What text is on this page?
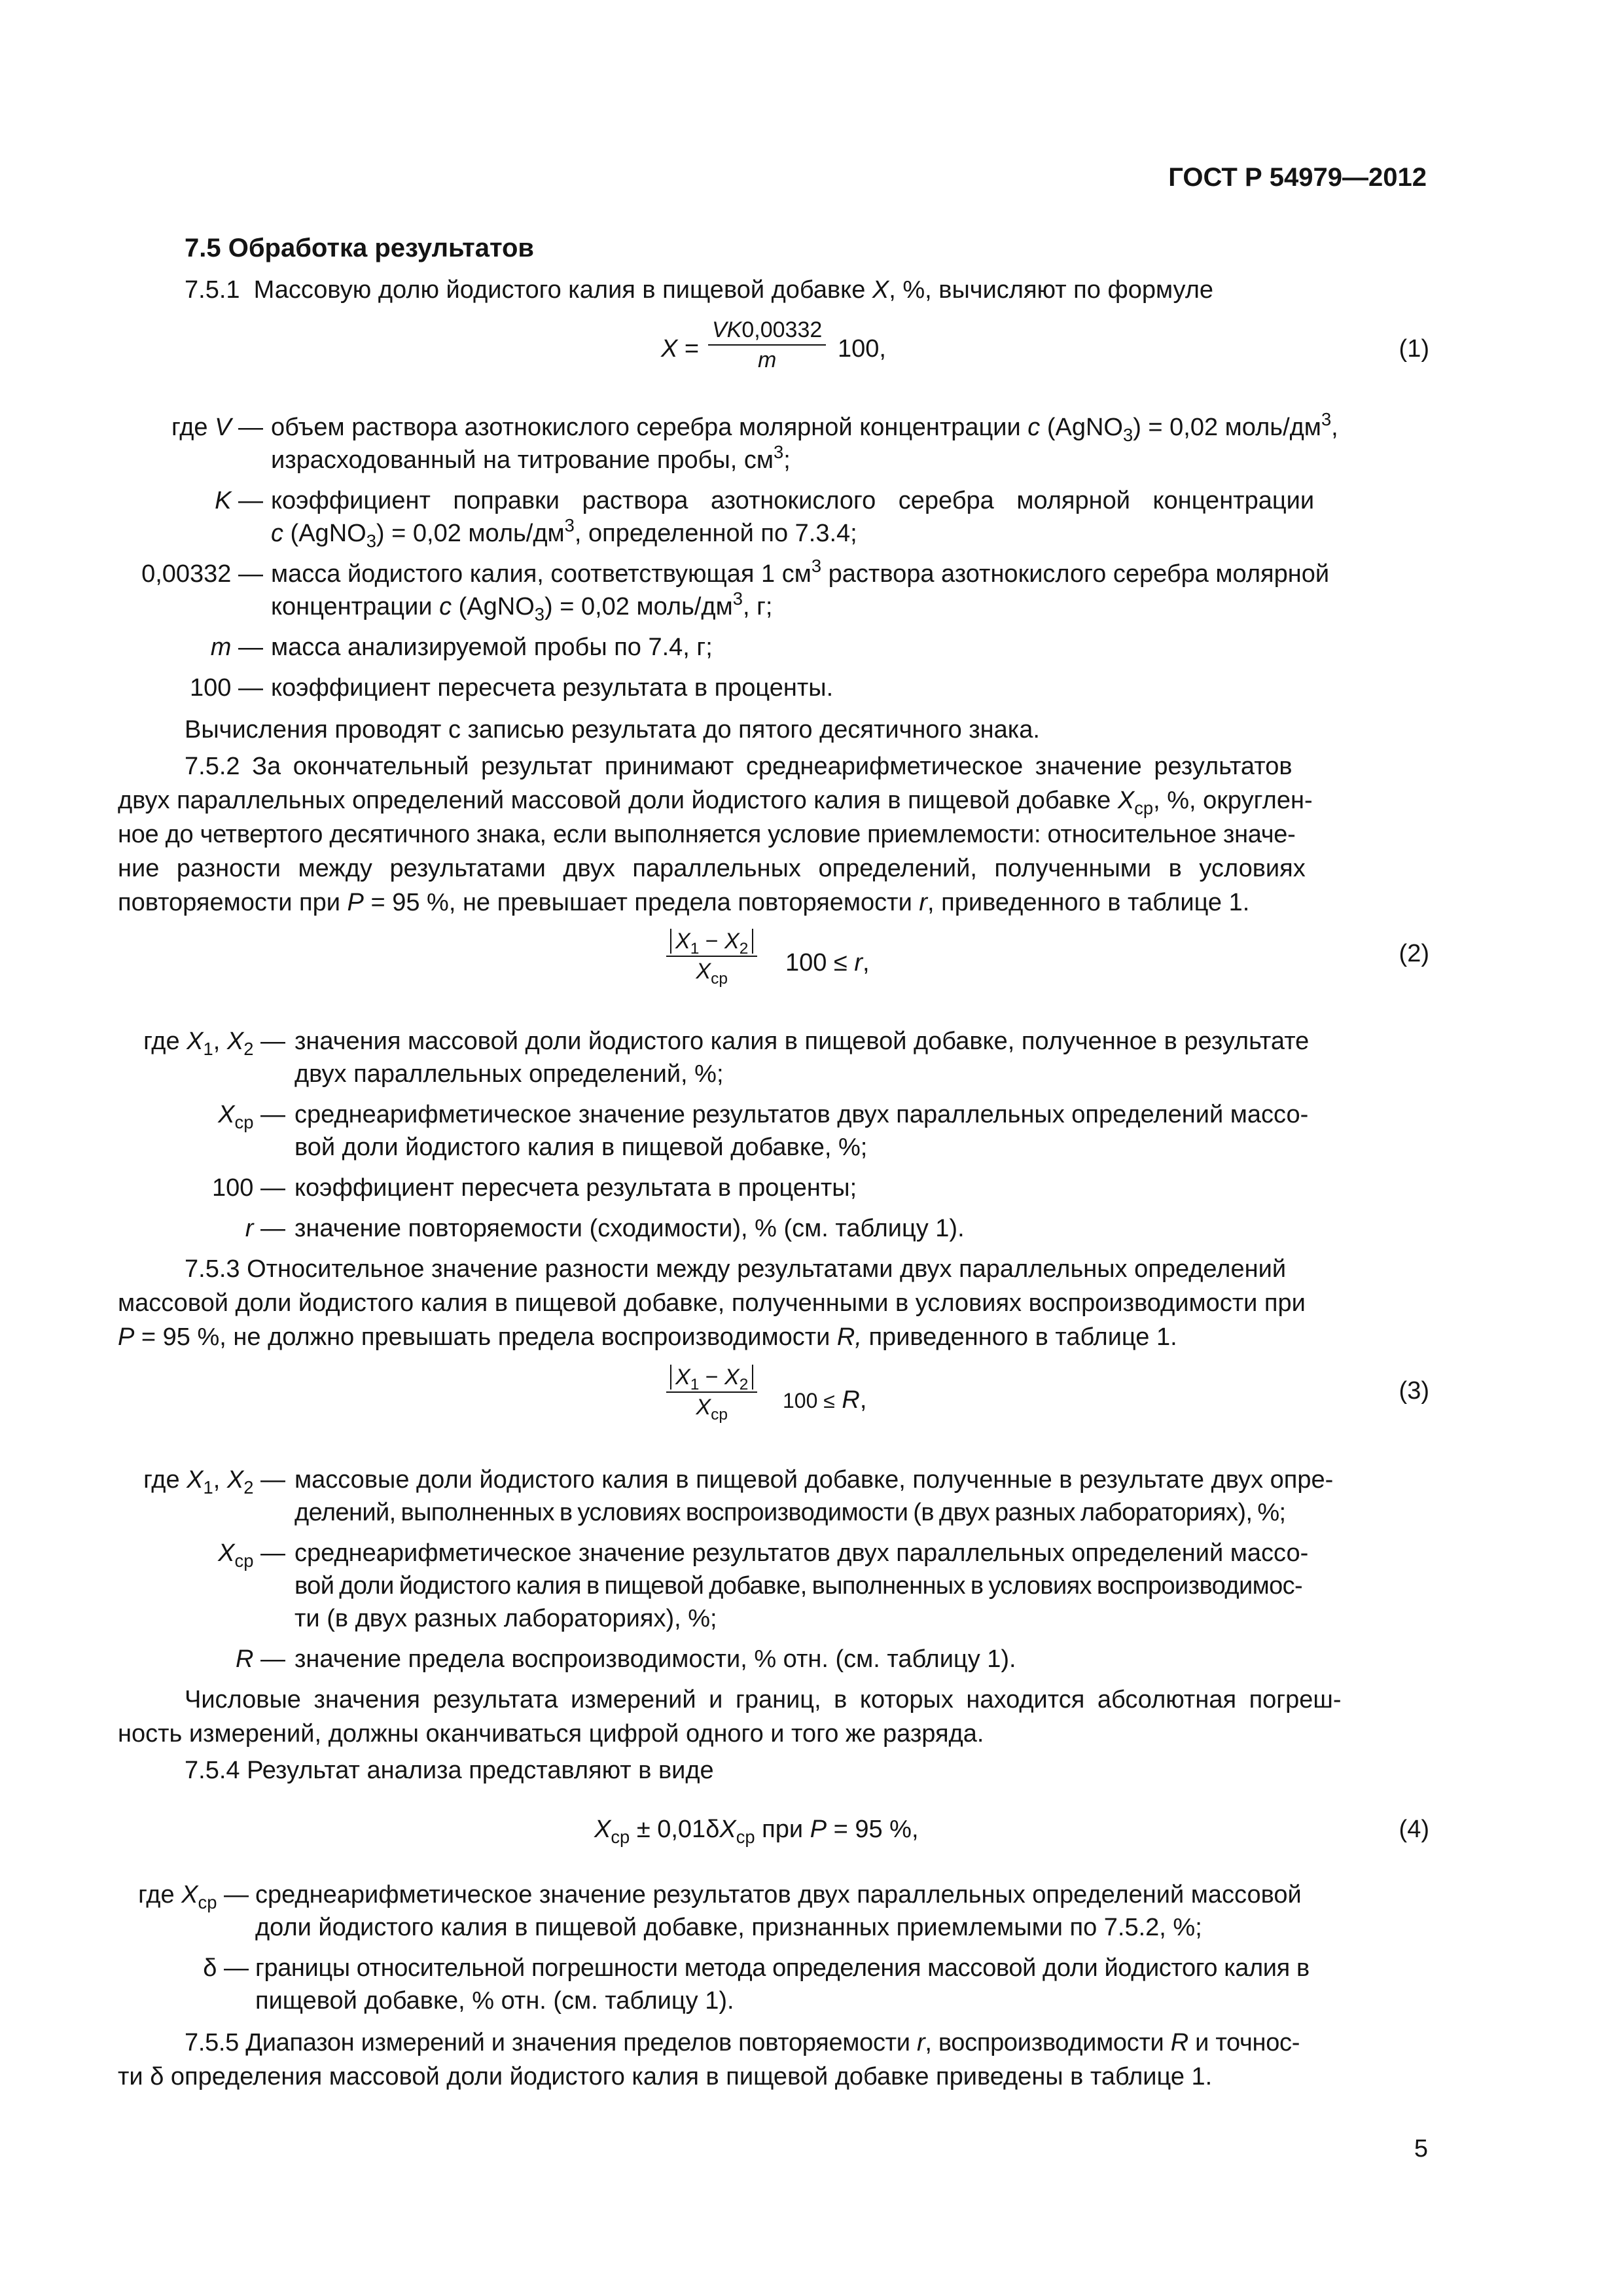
ГОСТ Р 54979—2012
7.5 Обработка результатов
7.5.1 Массовую долю йодистого калия в пищевой добавке X, %, вычисляют по формуле
X =
VK0,00332
m	100,	(1)
где V — объем раствора азотнокислого серебра молярной концентрации c (AgNO$_3$) = 0,02 моль/$дм^3$,
израсходованный на титрование пробы, $см^3$;
K — коэффициент поправки раствора азотнокислого серебра молярной концентрации
c (AgNO$_3$) = 0,02 моль/$дм^3$, определенной по 7.3.4;
0,00332 — масса йодистого калия, соответствующая 1 $см^3$ раствора азотнокислого серебра молярной
концентрации c (AgNO$_3$) = 0,02 моль/$дм^3$, г;
m — масса анализируемой пробы по 7.4, г;
100 — коэффициент пересчета результата в проценты.
Вычисления проводят с записью результата до пятого десятичного знака.
7.5.2 За окончательный результат принимают среднеарифметическое значение результатов
двух параллельных определений массовой доли йодистого калия в пищевой добавке $X_{ср}$, %, округлен-
ное до четвертого десятичного знака, если выполняется условие приемлемости: относительное значе-
ние разности между результатами двух параллельных определений, полученными в условиях
повторяемости при P = 95 %, не превышает предела повторяемости r, приведенного в таблице 1.
$X_1 - X_2$
$X_{ср}$
100 ≤ r,	(2)
где $X_1$, $X_2$ — значения массовой доли йодистого калия в пищевой добавке, полученное в результате
двух параллельных определений, %;
$X_{ср}$ — среднеарифметическое значение результатов двух параллельных определений массо-
вой доли йодистого калия в пищевой добавке, %;
100 — коэффициент пересчета результата в проценты;
r — значение повторяемости (сходимости), % (см. таблицу 1).
7.5.3 Относительное значение разности между результатами двух параллельных определений
массовой доли йодистого калия в пищевой добавке, полученными в условиях воспроизводимости при
P = 95 %, не должно превышать предела воспроизводимости R, приведенного в таблице 1.
$X_1 - X_2$
$X_{ср}$
100 ≤ R,	(3)
где $X_1$, $X_2$ — массовые доли йодистого калия в пищевой добавке, полученные в результате двух опре-
делений, выполненных в условиях воспроизводимости (в двух разных лабораториях), %;
$X_{ср}$ — среднеарифметическое значение результатов двух параллельных определений массо-
вой доли йодистого калия в пищевой добавке, выполненных в условиях воспроизводимос-
ти (в двух разных лабораториях), %;
R — значение предела воспроизводимости, % отн. (см. таблицу 1).
Числовые значения результата измерений и границ, в которых находится абсолютная погреш-
ность измерений, должны оканчиваться цифрой одного и того же разряда.
7.5.4 Результат анализа представляют в виде
$X_{ср} \pm 0,01\delta X_{ср}$ при P = 95 %,	(4)
где $X_{ср}$ — среднеарифметическое значение результатов двух параллельных определений массовой
доли йодистого калия в пищевой добавке, признанных приемлемыми по 7.5.2, %;
δ — границы относительной погрешности метода определения массовой доли йодистого калия в
пищевой добавке, % отн. (см. таблицу 1).
7.5.5 Диапазон измерений и значения пределов повторяемости r, воспроизводимости R и точнос-
ти δ определения массовой доли йодистого калия в пищевой добавке приведены в таблице 1.
5
